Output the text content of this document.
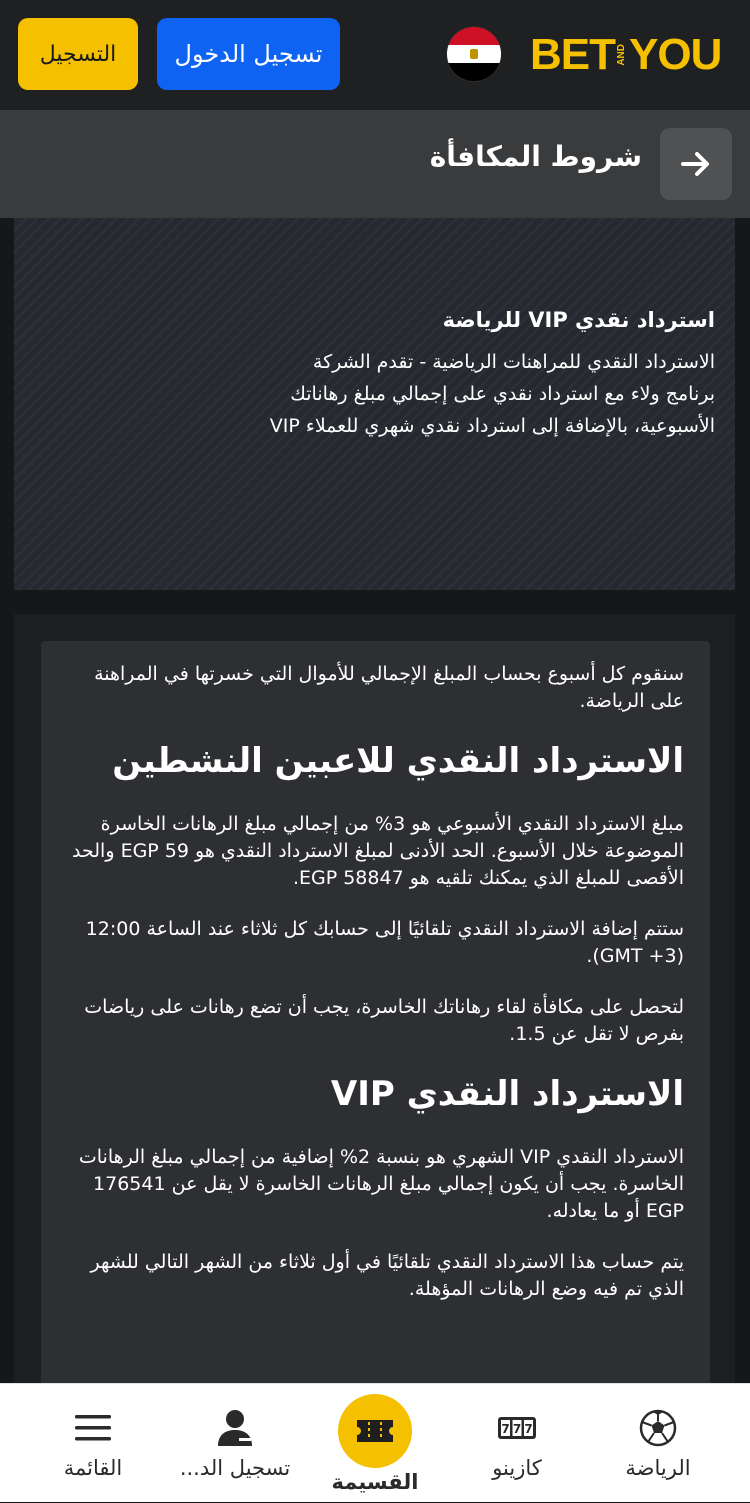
التسجيل	تسجيل الدخول	BET AND YOU
شروط المكافأة
استرداد نقدي VIP للرياضة
الاسترداد النقدي للمراهنات الرياضية - تقدم الشركة برنامج ولاء مع استرداد نقدي على إجمالي مبلغ رهاناتك الأسبوعية، بالإضافة إلى استرداد نقدي شهري للعملاء VIP

سنقوم كل أسبوع بحساب المبلغ الإجمالي للأموال التي خسرتها في المراهنة على الرياضة.

الاسترداد النقدي للاعبين النشطين

مبلغ الاسترداد النقدي الأسبوعي هو 3% من إجمالي مبلغ الرهانات الخاسرة الموضوعة خلال الأسبوع. الحد الأدنى لمبلغ الاسترداد النقدي هو 59 EGP والحد الأقصى للمبلغ الذي يمكنك تلقيه هو 58847 EGP.

ستتم إضافة الاسترداد النقدي تلقائيًا إلى حسابك كل ثلاثاء عند الساعة 12:00 (GMT +3).

لتحصل على مكافأة لقاء رهاناتك الخاسرة، يجب أن تضع رهانات على رياضات بفرص لا تقل عن 1.5.

الاسترداد النقدي VIP

الاسترداد النقدي VIP الشهري هو بنسبة 2% إضافية من إجمالي مبلغ الرهانات الخاسرة. يجب أن يكون إجمالي مبلغ الرهانات الخاسرة لا يقل عن 176541 EGP أو ما يعادله.

يتم حساب هذا الاسترداد النقدي تلقائيًا في أول ثلاثاء من الشهر التالي للشهر الذي تم فيه وضع الرهانات المؤهلة.

القائمة	تسجيل الد...
القسيمة
7 7 7
كازينو	الرياضة
